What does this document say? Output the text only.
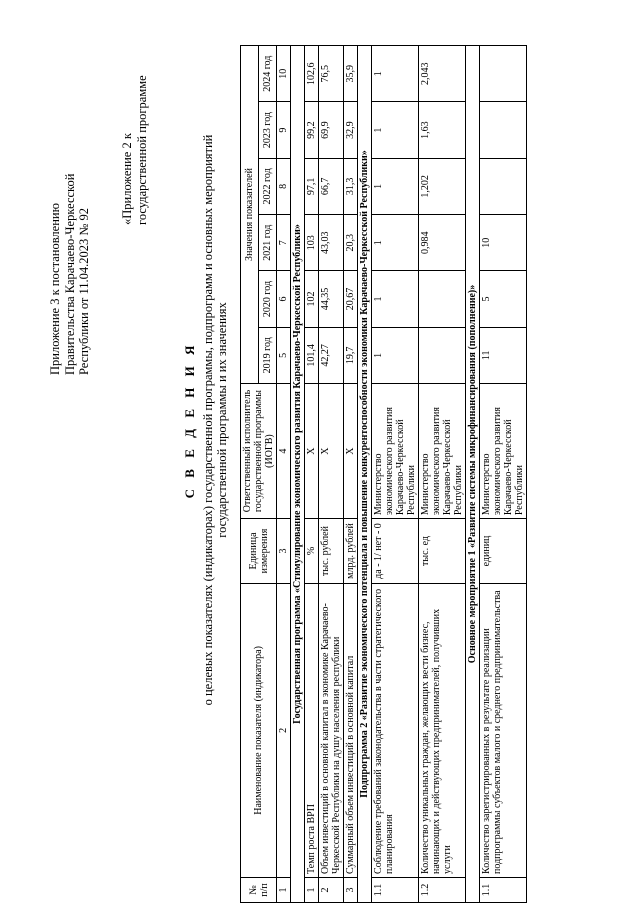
Приложение 3 к постановлению Правительства Карачаево-Черкесской Республики от 11.04.2023 № 92
«Приложение 2 к государственной программе
С В Е Д Е Н И Я о целевых показателях (индикаторах) государственной программы, подпрограмм и основных мероприятий государственной программы и их значениях
№ п/п	Наименование показателя (индикатора)	Единица измерения	Ответственный исполнитель государственной программы (ИОГВ)	Значения показателей					
				2019 год	2020 год	2021 год	2022 год	2023 год	2024 год
1	2	3	4	5	6	7	8	9	10
Государственная программа «Стимулирование экономического развития Карачаево-Черкесской Республики»									
1	Темп роста ВРП	%	Х	101,4	102	103	97,1	99,2	102,6
2	Объем инвестиций в основной капитал в экономике Карачаево-Черкесской Республики на душу населения республики	тыс. рублей	Х	42,27	44,35	43,03	66,7	69,9	76,5
3	Суммарный объем инвестиций в основной капитал	млрд. рублей	Х	19,7	20,67	20,3	31,3	32,9	35,9
Подпрограмма 2 «Развитие экономического потенциала и повышение конкурентоспособности экономики Карачаево-Черкесской Республики»									
1.1	Соблюдение требований законодательства в части стратегического планирования	да - 1/ нет - 0	Министерство экономического развития Карачаево-Черкесской Республики	1	1	1	1	1	1
1.2	Количество уникальных граждан, желающих вести бизнес, начинающих и действующих предпринимателей, получивших услуги	тыс. ед	Министерство экономического развития Карачаево-Черкесской Республики			0,984	1,202	1,63	2,043
Основное мероприятие 1 «Развитие системы микрофинансирования (пополнение)»									
1.1	Количество зарегистрированных в результате реализации подпрограммы субъектов малого и среднего предпринимательства	единиц	Министерство экономического развития Карачаево-Черкесской Республики	11	5	10			
